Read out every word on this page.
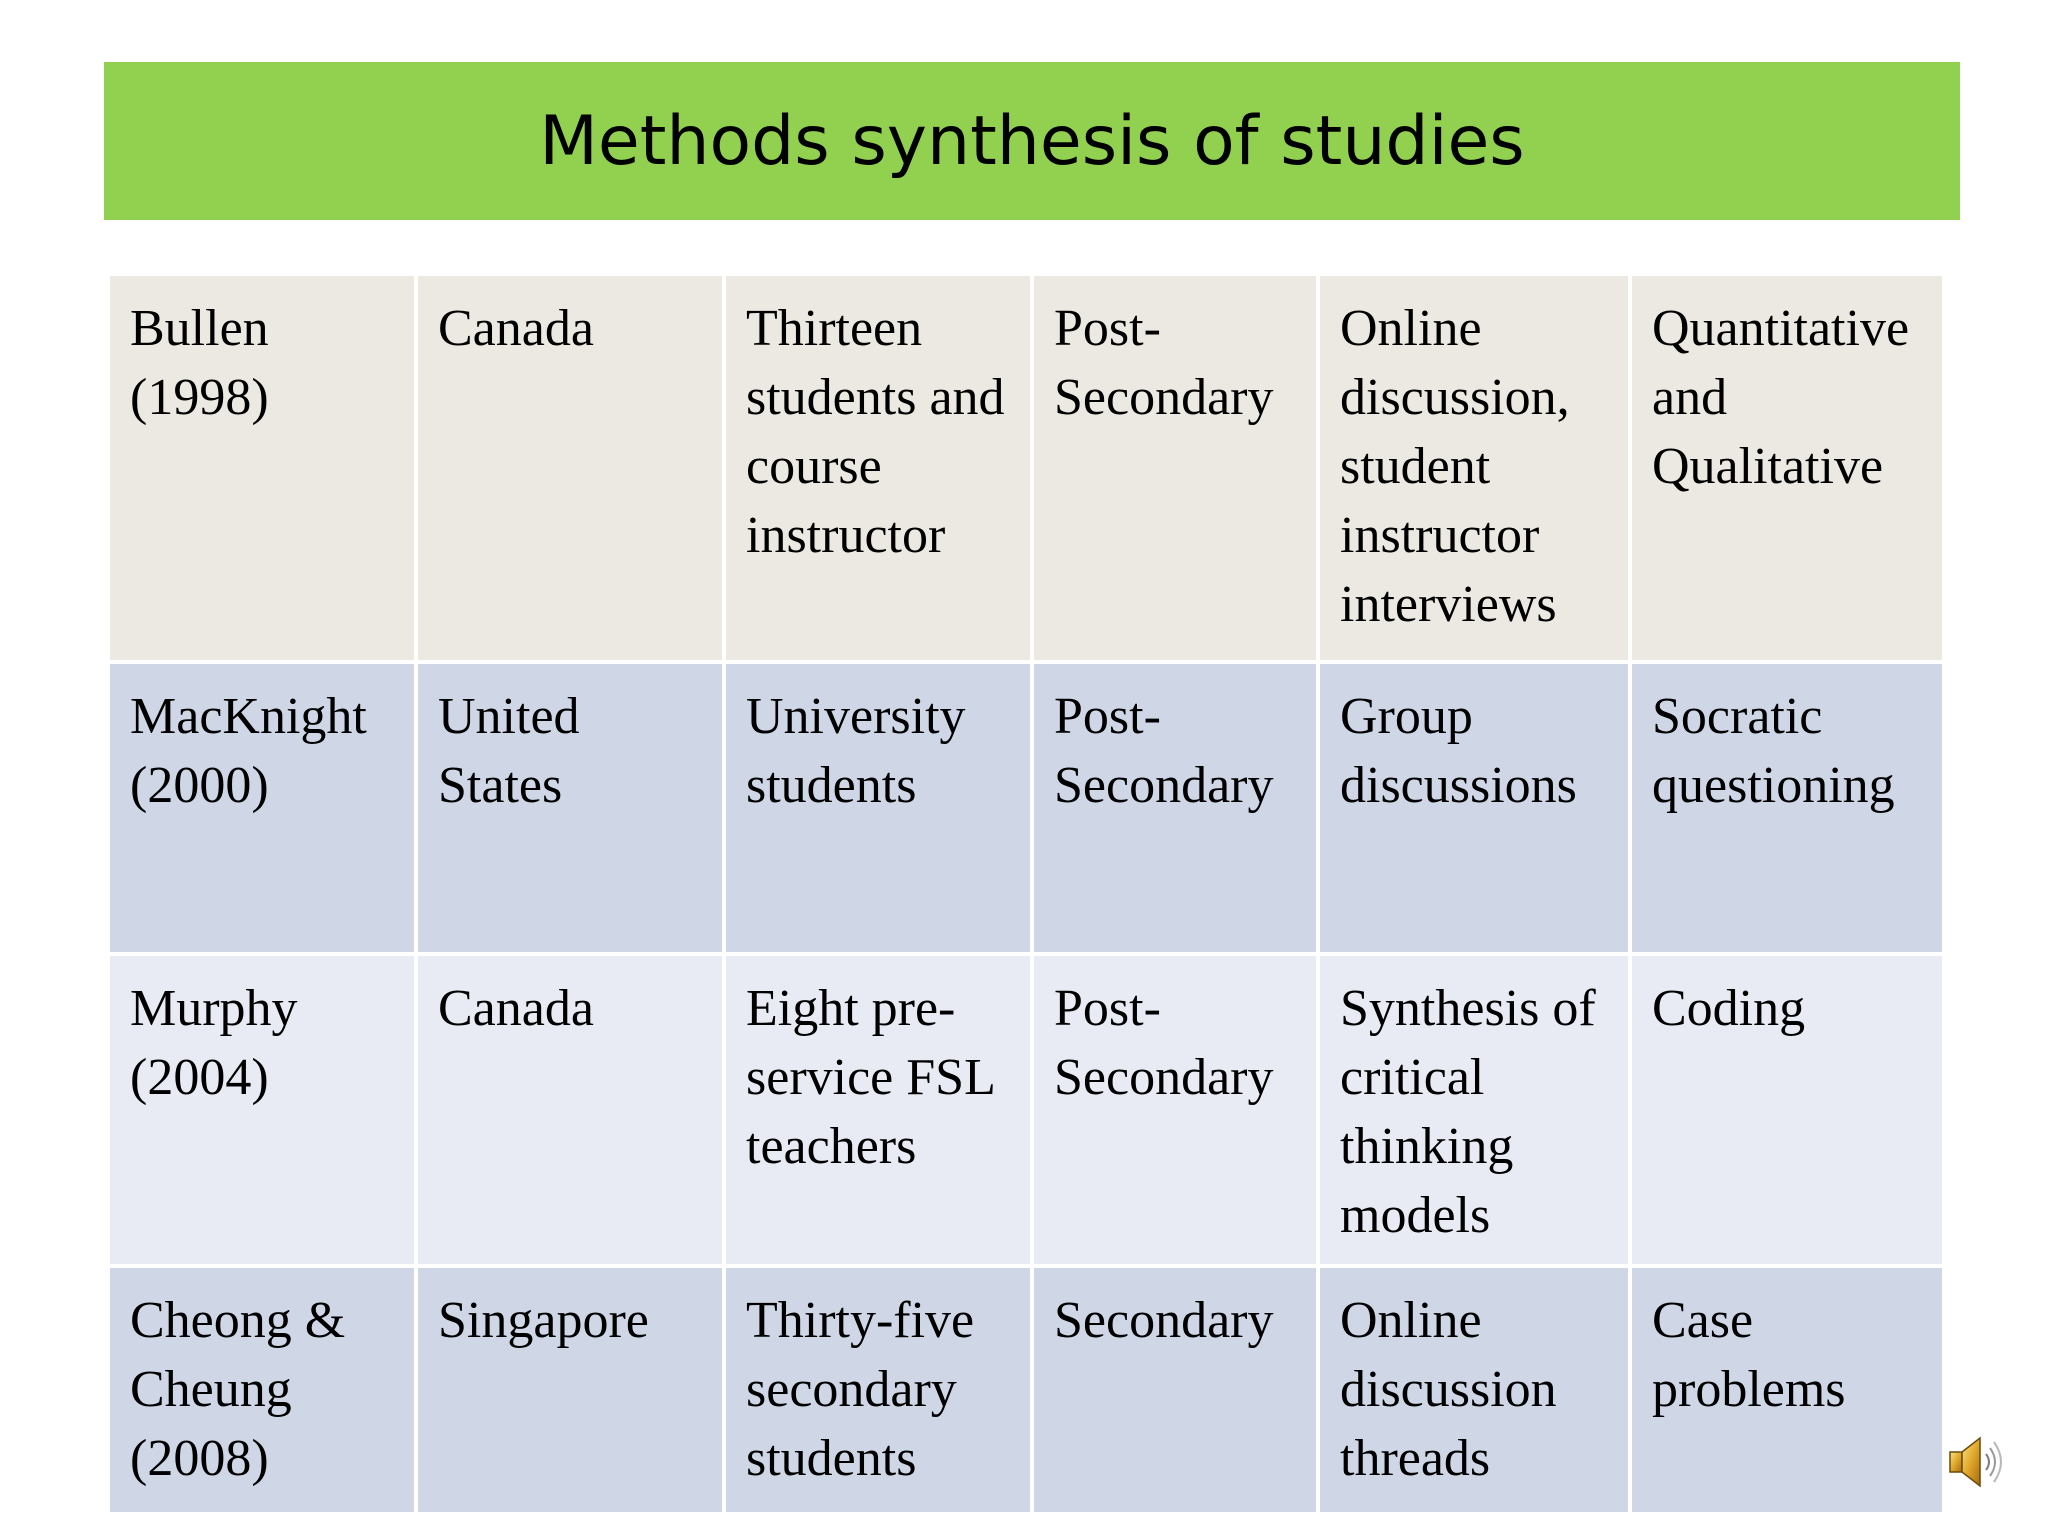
Methods synthesis of studies
Bullen (1998)	Canada	Thirteen students and course instructor	Post-Secondary	Online discussion, student instructor interviews	Quantitative and Qualitative
MacKnight (2000)	United States	University students	Post-Secondary	Group discussions	Socratic questioning
Murphy (2004)	Canada	Eight pre-service FSL teachers	Post-Secondary	Synthesis of critical thinking models	Coding
Cheong & Cheung (2008)	Singapore	Thirty-five secondary students	Secondary	Online discussion threads	Case problems
